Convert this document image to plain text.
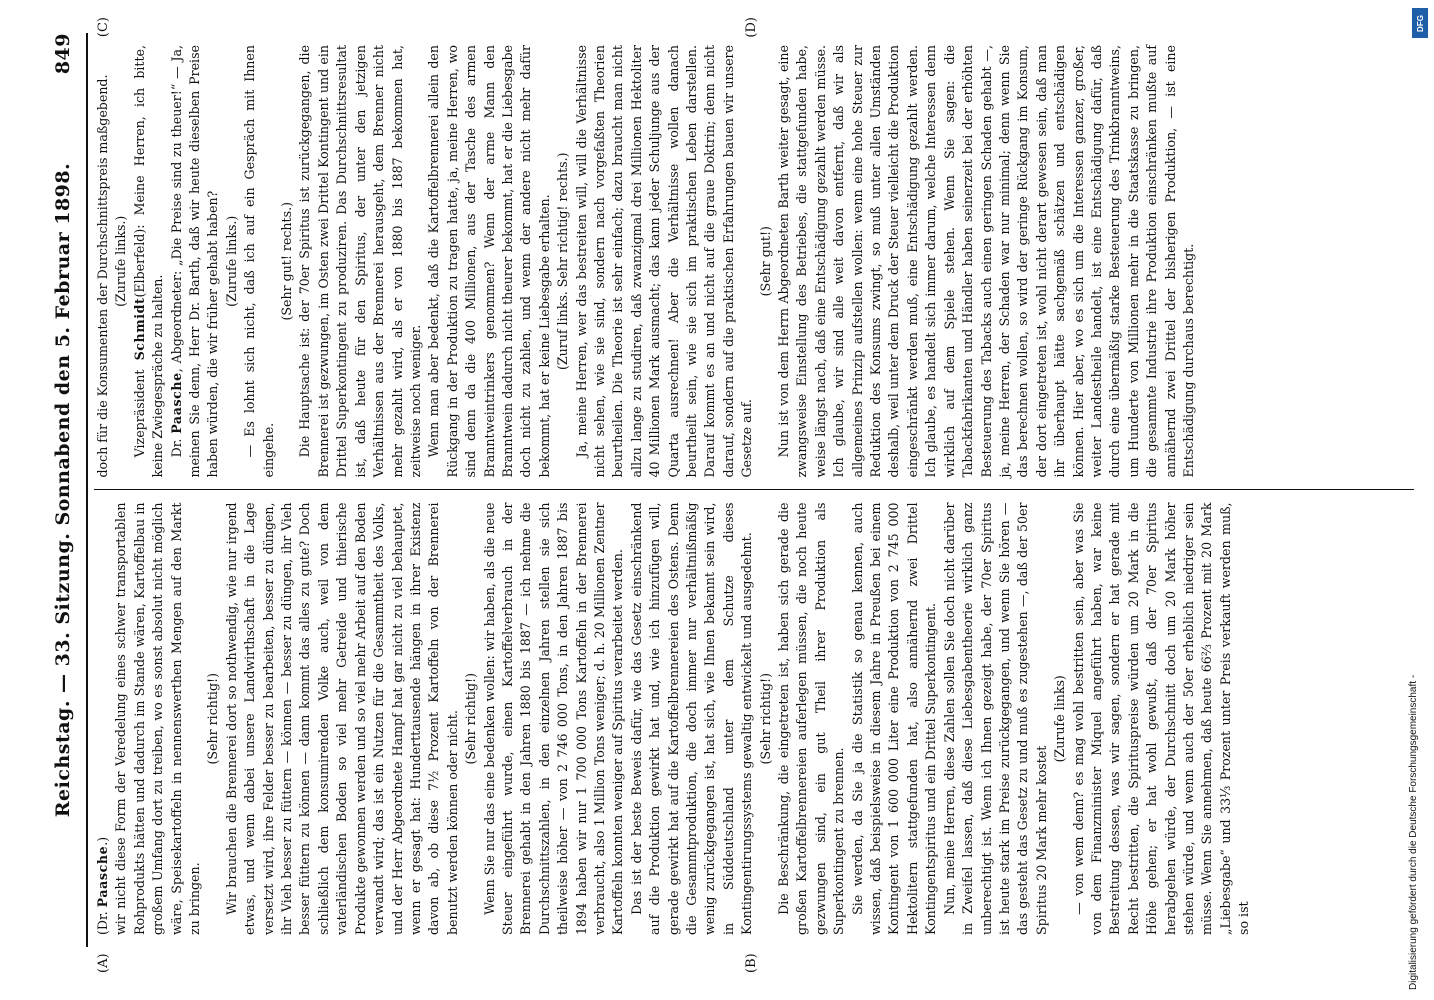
Reichstag. — 33. Sitzung. Sonnabend den 5. Februar 1898.
849

(Dr. Paasche.) wir nicht diese Form der Veredelung eines schwer transportablen Rohprodukts hätten und dadurch im Stande wären, Kartoffelbau in großem Umfang dort zu treiben, wo es sonst absolut nicht möglich wäre, Speisekartoffeln in nennenswerthen Mengen auf den Markt zu bringen.

(Sehr richtig!) Wir brauchen die Brennerei dort so nothwendig, wie nur irgend etwas, und wenn dabei unsere Landwirthschaft in die Lage versetzt wird, ihre Felder besser zu bearbeiten, besser zu düngen, ihr Vieh besser zu füttern — können — besser zu düngen, ihr Vieh besser füttern zu können — dann kommt das alles zu gute? Doch schließlich dem konsumirenden Volke auch, weil von dem vaterländischen Boden so viel mehr Getreide und thierische Produkte gewonnen werden und so viel mehr Arbeit auf den Boden verwandt wird; das ist ein Nutzen für die Gesammtheit des Volks, und der Herr Abgeordnete Hampf hat gar nicht zu viel behauptet, wenn er gesagt hat: Hunderttausende hängen in ihrer Existenz davon ab, ob diese 7½ Prozent Kartoffeln von der Brennerei benutzt werden können oder nicht. (Sehr richtig!) Wenn Sie nur das eine bedenken wollen: wir haben, als die neue Steuer eingeführt wurde, einen Kartoffelverbrauch in der Brennerei gehabt in den Jahren 1880 bis 1887 — ich nehme die Durchschnittszahlen, in den einzelnen Jahren stellen sie sich theilweise höher — von 2 746 000 Tons, in den Jahren 1887 bis 1894 haben wir nur 1 700 000 Tons Kartoffeln in der Brennerei verbraucht, also 1 Million Tons weniger; d. h. 20 Millionen Zentner Kartoffeln konnten weniger auf Spiritus verarbeitet werden. Das ist der beste Beweis dafür, wie das Gesetz einschränkend auf die Produktion gewirkt hat und, wie ich hinzufügen will, gerade gewirkt hat auf die Kartoffelbrennereien des Ostens. Denn die Gesammtproduktion, die doch immer nur verhältnißmäßig wenig zurückgegangen ist, hat sich, wie Ihnen bekannt sein wird, in Süddeutschland unter dem Schutze dieses Kontingentirungssystems gewaltig entwickelt und ausgedehnt. (Sehr richtig!) Die Beschränkung, die eingetreten ist, haben sich gerade die großen Kartoffelbrennereien auferlegen müssen, die noch heute gezwungen sind, ein gut Theil ihrer Produktion als Superkontingent zu brennen. Sie werden, da Sie ja die Statistik so genau kennen, auch wissen, daß beispielsweise in diesem Jahre in Preußen bei einem Kontingent von 1 600 000 Liter eine Produktion von 2 745 000 Hektolitern stattgefunden hat, also annähernd zwei Drittel Kontingentspiritus und ein Drittel Superkontingent. Nun, meine Herren, diese Zahlen sollen Sie doch nicht darüber in Zweifel lassen, daß diese Liebesgabentheorie wirklich ganz unberechtigt ist. Wenn ich Ihnen gezeigt habe, der 70er Spiritus ist heute stark im Preise zurückgegangen, und wenn Sie hören — das gesteht das Gesetz zu und muß es zugestehen —, daß der 50er Spiritus 20 Mark mehr kostet

(Zurufe links) — von wem denn? es mag wohl bestritten sein, aber was Sie von dem Finanzminister Miquel angeführt haben, war keine Bestreitung dessen, was wir sagen, sondern er hat gerade mit Recht bestritten, die Spirituspreise würden um 20 Mark in die Höhe gehen; er hat wohl gewußt, daß der 70er Spiritus herabgehen würde, der Durchschnitt doch um 20 Mark höher stehen würde, und wenn auch der 50er erheblich niedriger sein müsse. Wenn Sie annehmen, daß heute 66⅔ Prozent mit 20 Mark „Liebesgabe“ und 33⅓ Prozent unter Preis verkauft werden muß, so ist

doch für die Konsumenten der Durchschnittspreis maßgebend. (Zurufe links.)

Vizepräsident Schmidt(Elberfeld): Meine Herren, ich bitte, keine Zwiegespräche zu halten. Dr. Paasche, Abgeordneter: „Die Preise sind zu theuer!“ — Ja, meinen Sie denn, Herr Dr. Barth, daß wir heute dieselben Preise haben würden, die wir früher gehabt haben? (Zurufe links.) — Es lohnt sich nicht, daß ich auf ein Gespräch mit Ihnen eingehe.

(Sehr gut! rechts.) Die Hauptsache ist: der 70er Spiritus ist zurückgegangen, die Brennerei ist gezwungen, im Osten zwei Drittel Kontingent und ein Drittel Superkontingent zu produziren. Das Durchschnittsresultat ist, daß heute für den Spiritus, der unter den jetzigen Verhältnissen aus der Brennerei herausgeht, dem Brenner nicht mehr gezahlt wird, als er von 1880 bis 1887 bekommen hat, zeitweise noch weniger. Wenn man aber bedenkt, daß die Kartoffelbrennerei allein den Rückgang in der Produktion zu tragen hatte, ja, meine Herren, wo sind denn da die 400 Millionen, aus der Tasche des armen Branntweintrinkers genommen? Wenn der arme Mann den Branntwein dadurch nicht theurer bekommt, hat er die Liebesgabe doch nicht zu zahlen, und wenn der andere nicht mehr dafür bekommt, hat er keine Liebesgabe erhalten. (Zuruf links. Sehr richtig! rechts.) Ja, meine Herren, wer das bestreiten will, will die Verhältnisse nicht sehen, wie sie sind, sondern nach vorgefaßten Theorien beurtheilen. Die Theorie ist sehr einfach; dazu braucht man nicht allzu lange zu studiren, daß zwanzigmal drei Millionen Hektoliter 40 Millionen Mark ausmacht; das kann jeder Schuljunge aus der Quarta ausrechnen! Aber die Verhältnisse wollen danach beurtheilt sein, wie sie sich im praktischen Leben darstellen. Darauf kommt es an und nicht auf die graue Doktrin; denn nicht darauf, sondern auf die praktischen Erfahrungen bauen wir unsere Gesetze auf.

(Sehr gut!) Nun ist von dem Herrn Abgeordneten Barth weiter gesagt, eine zwangsweise Einstellung des Betriebes, die stattgefunden habe, weise längst nach, daß eine Entschädigung gezahlt werden müsse. Ich glaube, wir sind alle weit davon entfernt, daß wir als allgemeines Prinzip aufstellen wollen: wenn eine hohe Steuer zur Reduktion des Konsums zwingt, so muß unter allen Umständen deshalb, weil unter dem Druck der Steuer vielleicht die Produktion eingeschränkt werden muß, eine Entschädigung gezahlt werden. Ich glaube, es handelt sich immer darum, welche Interessen denn wirklich auf dem Spiele stehen. Wenn Sie sagen: die Tabackfabrikanten und Händler haben seinerzeit bei der erhöhten Besteuerung des Tabacks auch einen geringen Schaden gehabt —, ja, meine Herren, der Schaden war nur minimal; denn wenn Sie das berechnen wollen, so wird der geringe Rückgang im Konsum, der dort eingetreten ist, wohl nicht derart gewesen sein, daß man ihr überhaupt hätte sachgemäß schätzen und entschädigen können. Hier aber, wo es sich um die Interessen ganzer, großer, weiter Landestheile handelt, ist eine Entschädigung dafür, daß durch eine übermäßig starke Besteuerung des Trinkbranntweins, um Hunderte von Millionen mehr in die Staatskasse zu bringen, die gesammte Industrie ihre Produktion einschränken mußte auf annähernd zwei Drittel der bisherigen Produktion, — ist eine Entschädigung durchaus berechtigt.

(A)	(B)
(C)	(D)
Digitalisierung gefördert durch die Deutsche Forschungsgemeinschaft -
DFG
